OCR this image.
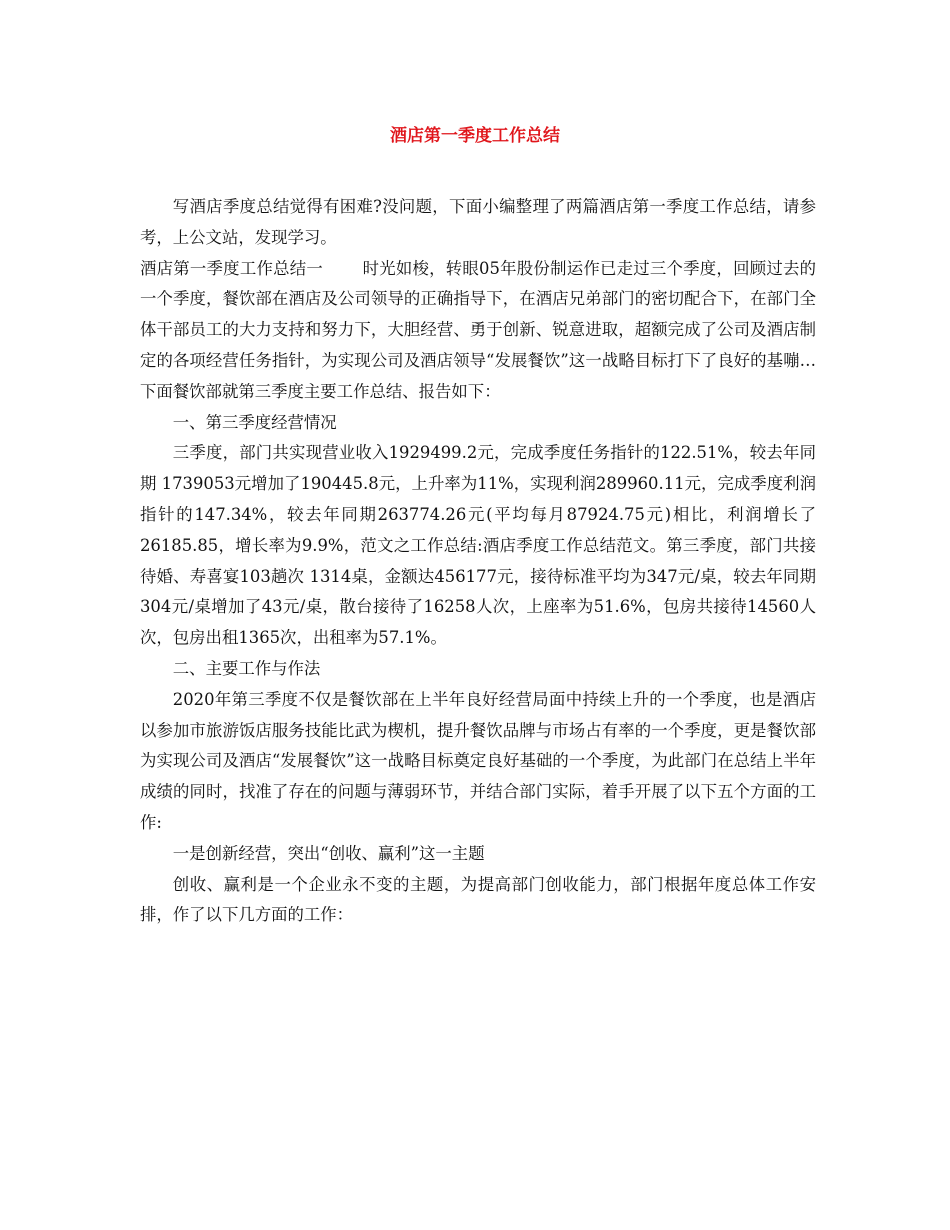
酒店第一季度工作总结

写酒店季度总结觉得有困难?没问题，下面小编整理了两篇酒店第一季度工作总结，请参考，上公文站，发现学习。

酒店第一季度工作总结一 时光如梭，转眼05年股份制运作已走过三个季度，回顾过去的一个季度，餐饮部在酒店及公司领导的正确指导下，在酒店兄弟部门的密切配合下，在部门全体干部员工的大力支持和努力下，大胆经营、勇于创新、锐意进取，超额完成了公司及酒店制定的各项经营任务指针，为实现公司及酒店领导“发展餐饮”这一战略目标打下了良好的基嘣…下面餐饮部就第三季度主要工作总结、报告如下：

一、第三季度经营情况

三季度，部门共实现营业收入1929499.2元，完成季度任务指针的122.51%，较去年同期 1739053元增加了190445.8元，上升率为11%，实现利润289960.11元，完成季度利润指针的147.34%，较去年同期263774.26元(平均每月87924.75元)相比，利润增长了26185.85，增长率为9.9%，范文之工作总结:酒店季度工作总结范文。第三季度，部门共接待婚、寿喜宴103趟次 1314桌，金额达456177元，接待标准平均为347元/桌，较去年同期304元/桌增加了43元/桌，散台接待了16258人次，上座率为51.6%，包房共接待14560人次，包房出租1365次，出租率为57.1%。

二、主要工作与作法

2020年第三季度不仅是餐饮部在上半年良好经营局面中持续上升的一个季度，也是酒店以参加市旅游饭店服务技能比武为楔机，提升餐饮品牌与市场占有率的一个季度，更是餐饮部为实现公司及酒店“发展餐饮”这一战略目标奠定良好基础的一个季度，为此部门在总结上半年成绩的同时，找准了存在的问题与薄弱环节，并结合部门实际，着手开展了以下五个方面的工作:

一是创新经营，突出“创收、赢利”这一主题

创收、赢利是一个企业永不变的主题，为提高部门创收能力，部门根据年度总体工作安排，作了以下几方面的工作：
